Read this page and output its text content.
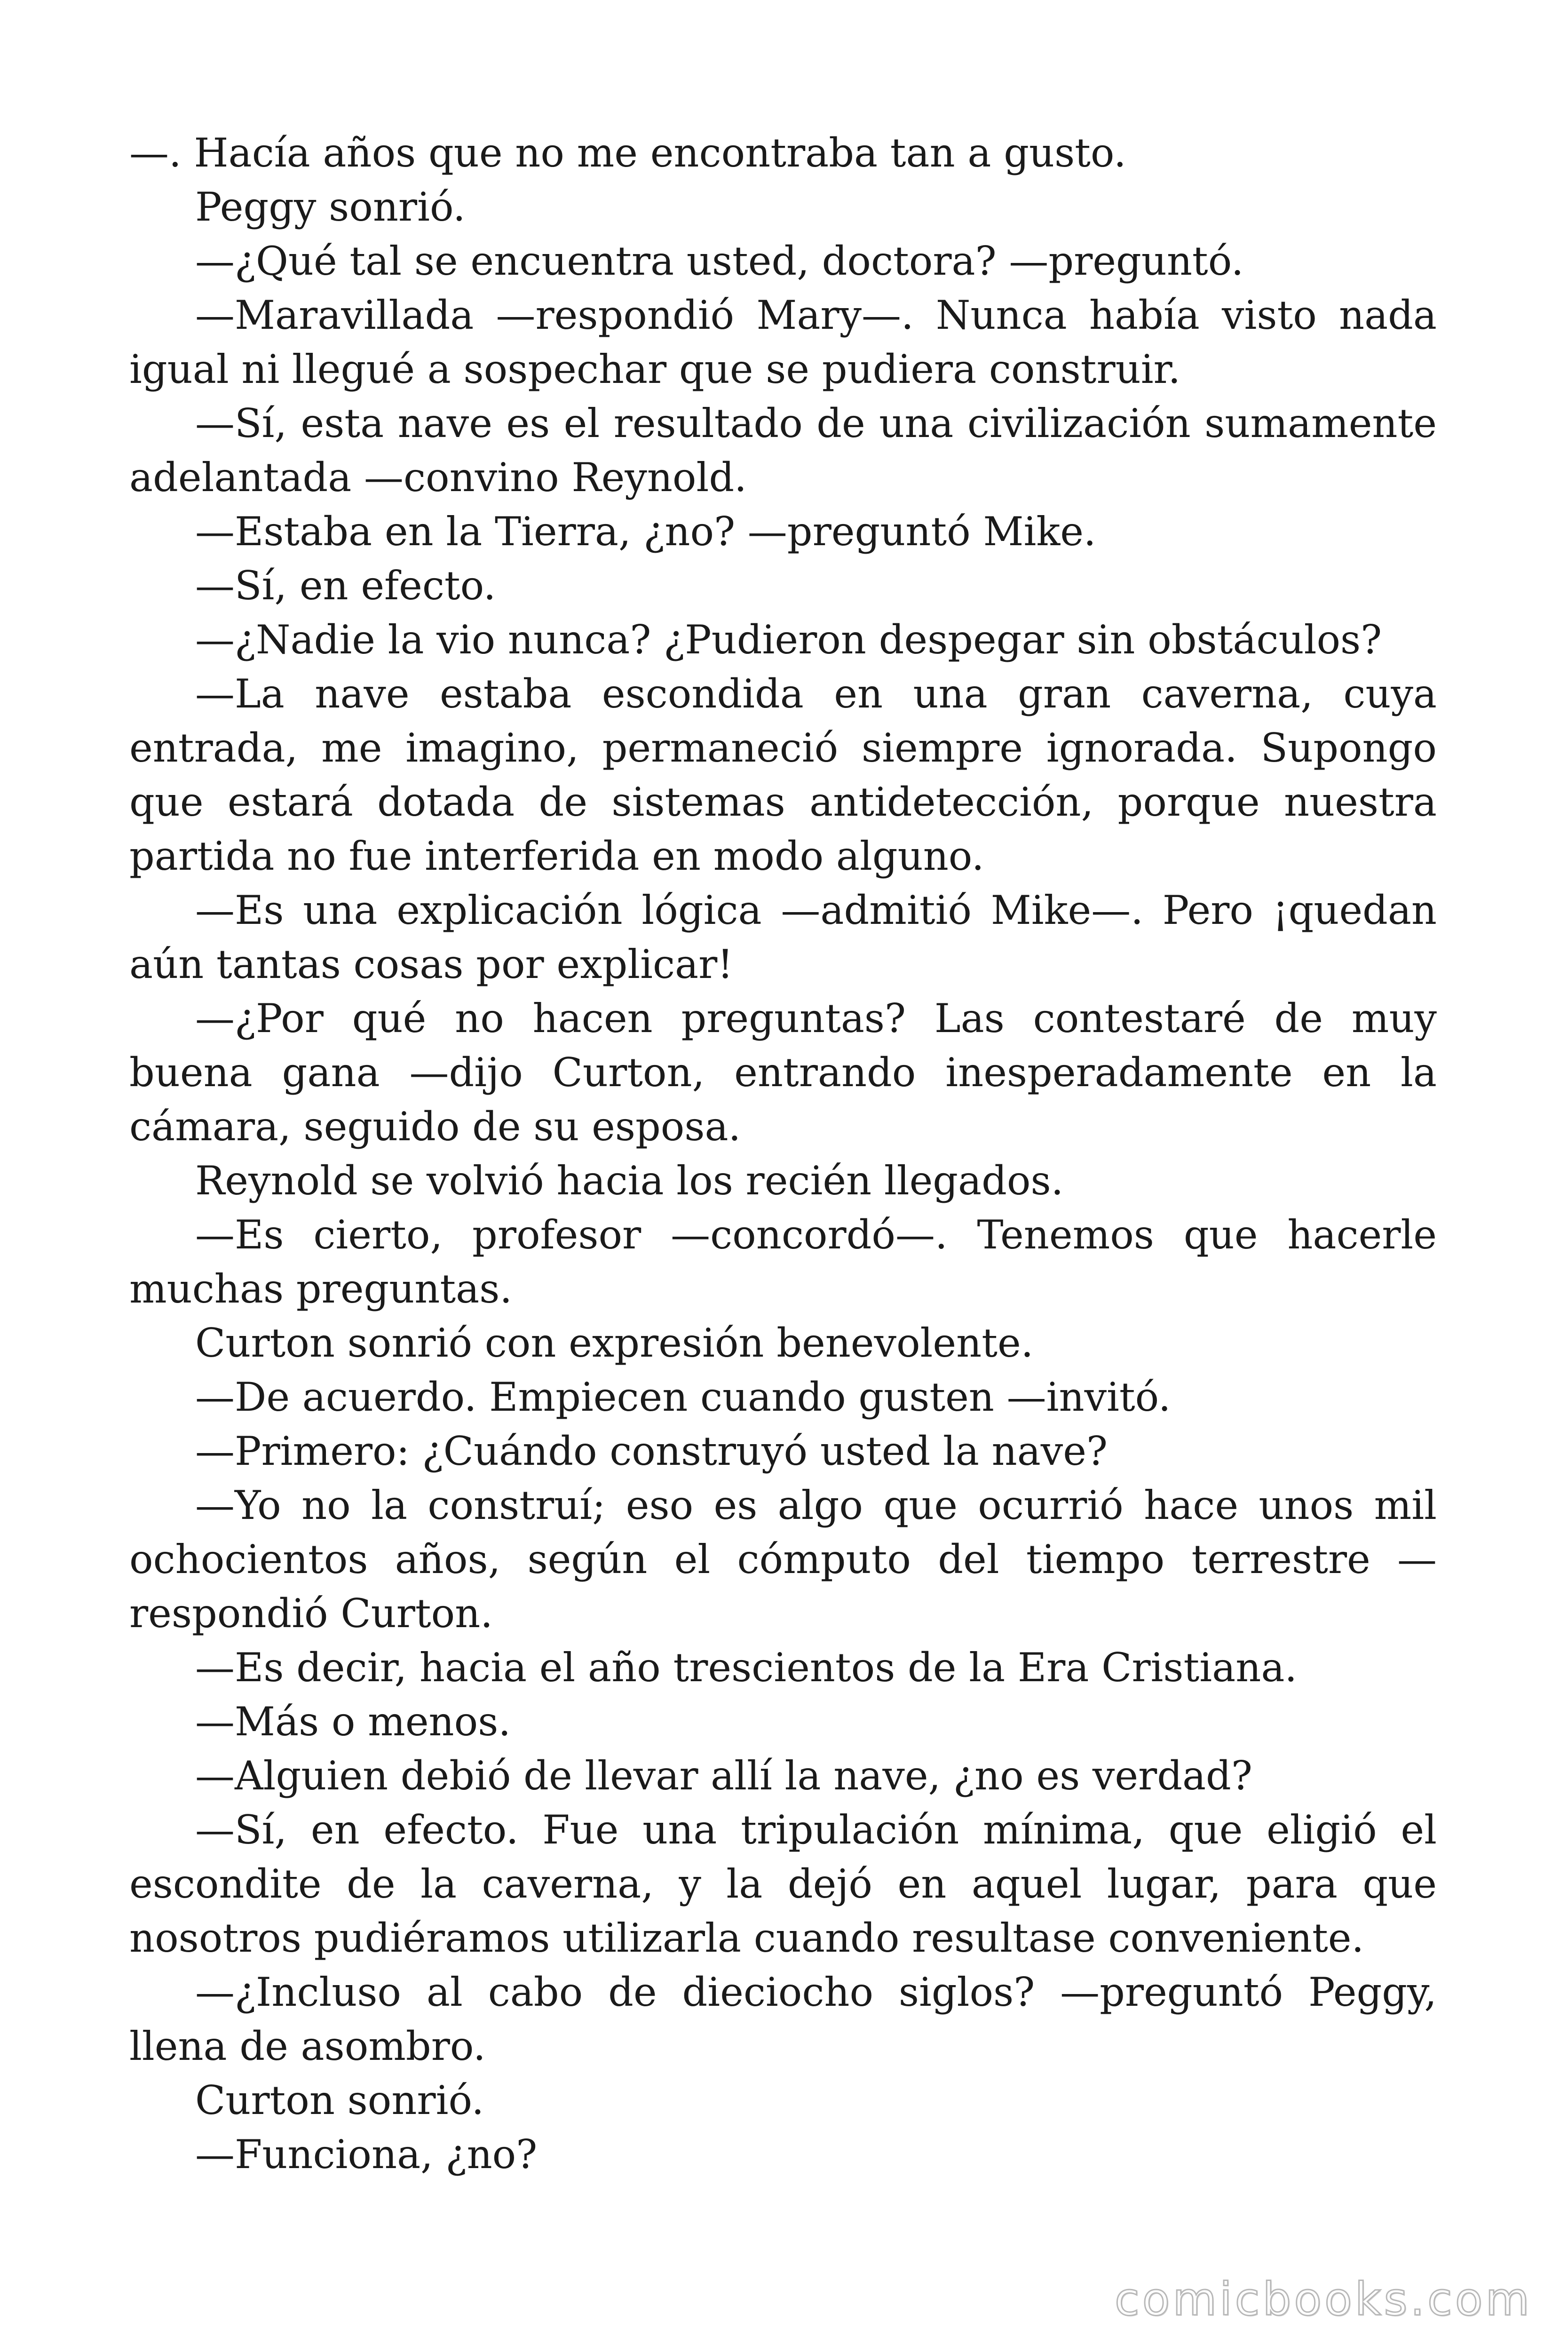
—. Hacía años que no me encontraba tan a gusto.

Peggy sonrió.

—¿Qué tal se encuentra usted, doctora? —preguntó.

—Maravillada —respondió Mary—. Nunca había visto nada igual ni llegué a sospechar que se pudiera construir.

—Sí, esta nave es el resultado de una civilización sumamente adelantada —convino Reynold.

—Estaba en la Tierra, ¿no? —preguntó Mike.

—Sí, en efecto.

—¿Nadie la vio nunca? ¿Pudieron despegar sin obstáculos?

—La nave estaba escondida en una gran caverna, cuya entrada, me imagino, permaneció siempre ignorada. Supongo que estará dotada de sistemas antidetección, porque nuestra partida no fue interferida en modo alguno.

—Es una explicación lógica —admitió Mike—. Pero ¡quedan aún tantas cosas por explicar!

—¿Por qué no hacen preguntas? Las contestaré de muy buena gana —dijo Curton, entrando inesperadamente en la cámara, seguido de su esposa.

Reynold se volvió hacia los recién llegados.

—Es cierto, profesor —concordó—. Tenemos que hacerle muchas preguntas.

Curton sonrió con expresión benevolente.

—De acuerdo. Empiecen cuando gusten —invitó.

—Primero: ¿Cuándo construyó usted la nave?

—Yo no la construí; eso es algo que ocurrió hace unos mil ochocientos años, según el cómputo del tiempo terrestre —respondió Curton.

—Es decir, hacia el año trescientos de la Era Cristiana.

—Más o menos.

—Alguien debió de llevar allí la nave, ¿no es verdad?

—Sí, en efecto. Fue una tripulación mínima, que eligió el escondite de la caverna, y la dejó en aquel lugar, para que nosotros pudiéramos utilizarla cuando resultase conveniente.

—¿Incluso al cabo de dieciocho siglos? —preguntó Peggy, llena de asombro.

Curton sonrió.

—Funciona, ¿no?

comicbooks.com
